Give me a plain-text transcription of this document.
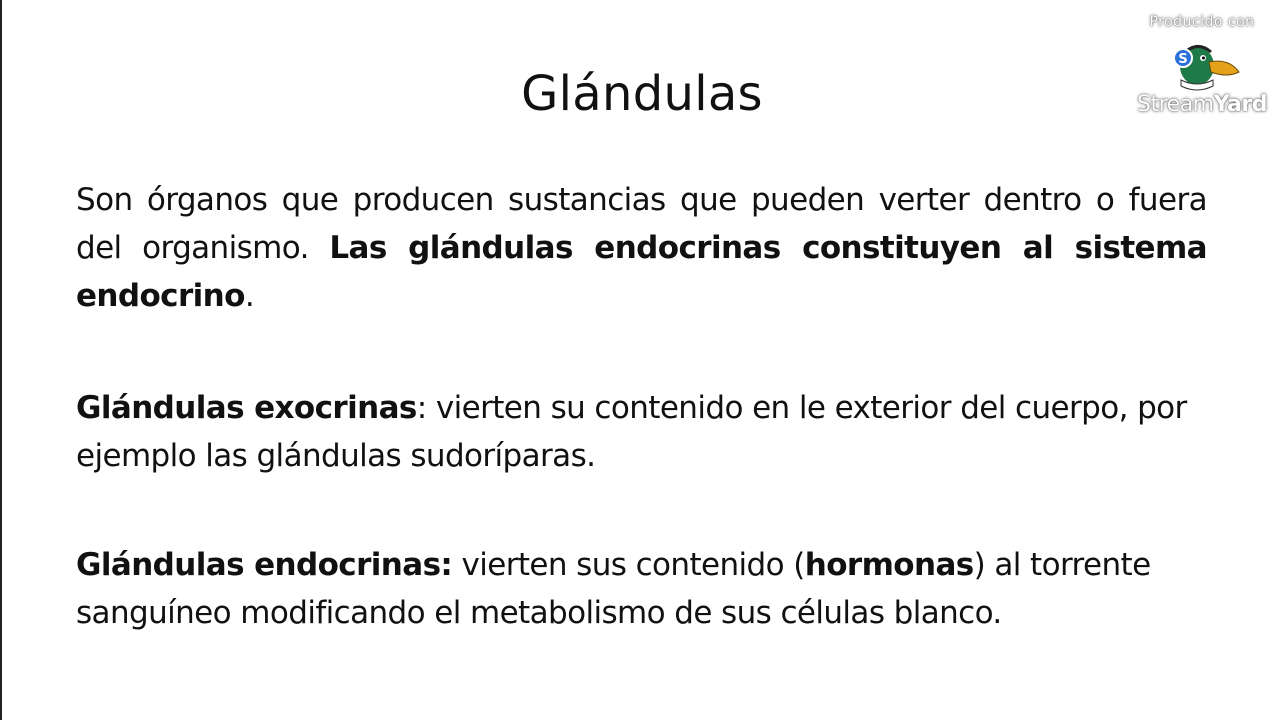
Glándulas
Son órganos que producen sustancias que pueden verter dentro o fuera del organismo. Las glándulas endocrinas constituyen al sistema endocrino.
Glándulas exocrinas: vierten su contenido en le exterior del cuerpo, por ejemplo las glándulas sudoríparas.
Glándulas endocrinas: vierten sus contenido (hormonas) al torrente sanguíneo modificando el metabolismo de sus células blanco.
Producido con
S
StreamYard
